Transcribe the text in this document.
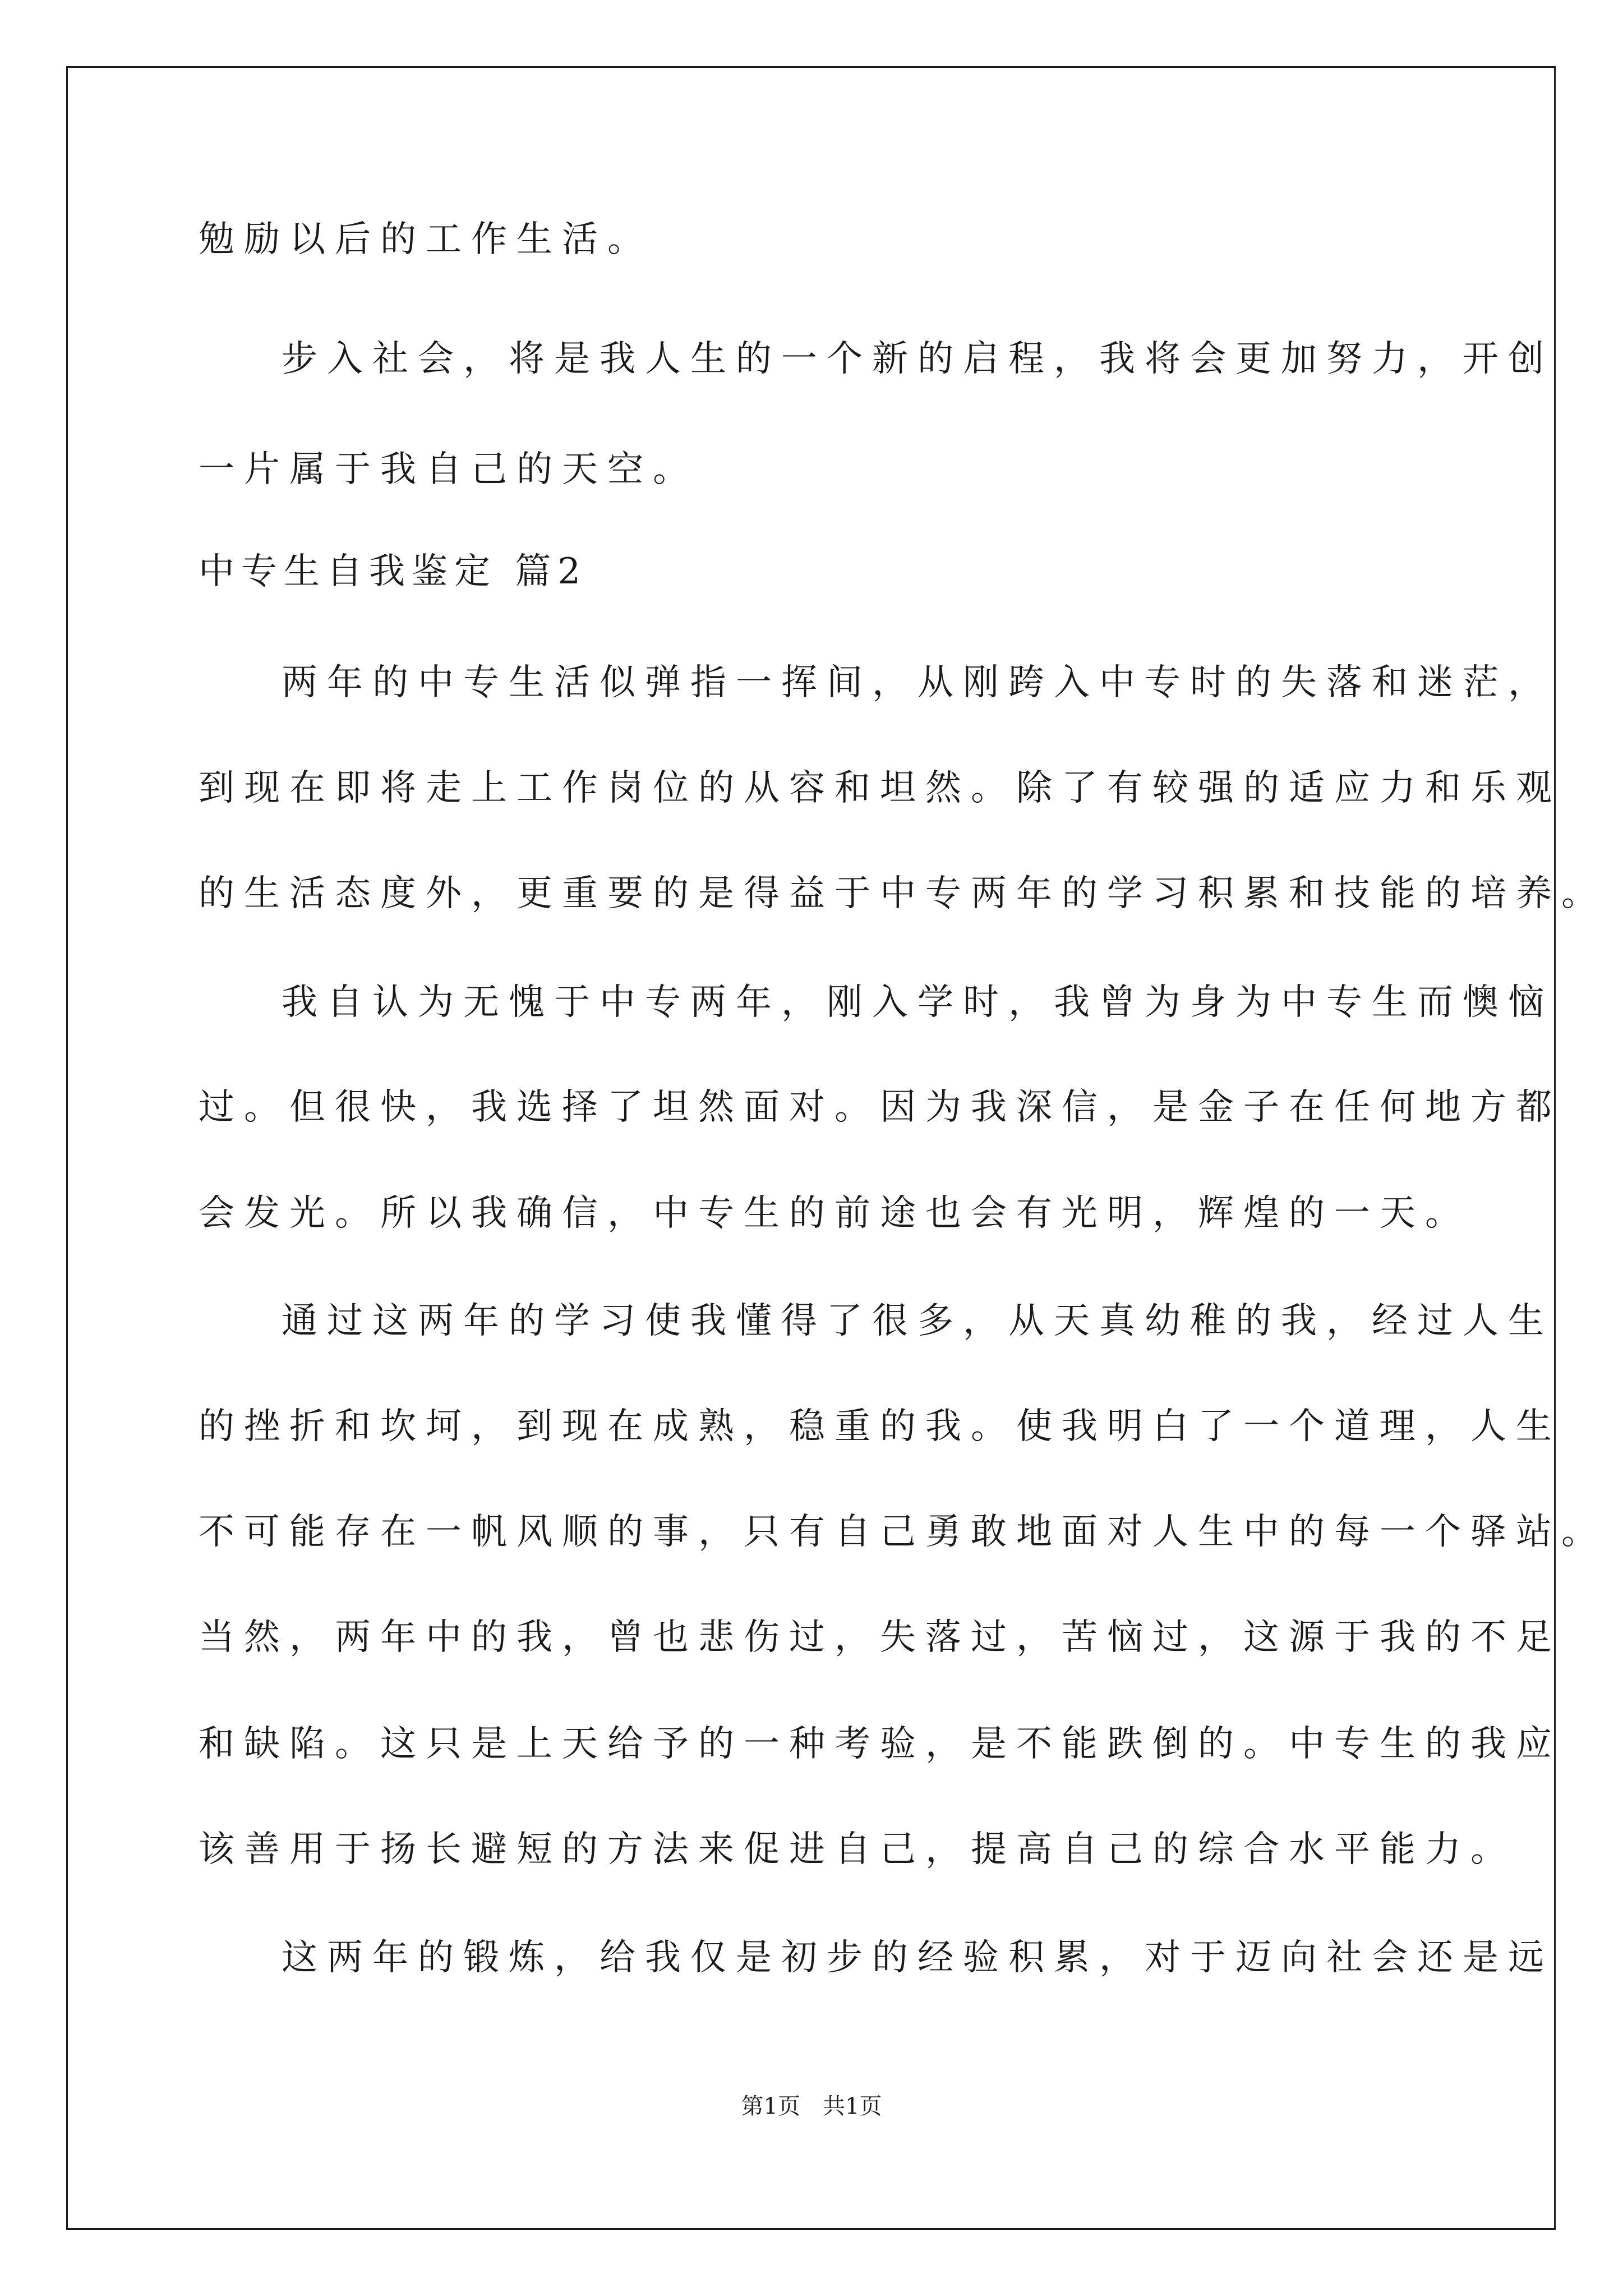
勉励以后的工作生活。
步入社会，将是我人生的一个新的启程，我将会更加努力，开创
一片属于我自己的天空。
中专生自我鉴定 篇2
两年的中专生活似弹指一挥间，从刚跨入中专时的失落和迷茫，
到现在即将走上工作岗位的从容和坦然。除了有较强的适应力和乐观
的生活态度外，更重要的是得益于中专两年的学习积累和技能的培养。
我自认为无愧于中专两年，刚入学时，我曾为身为中专生而懊恼
过。但很快，我选择了坦然面对。因为我深信，是金子在任何地方都
会发光。所以我确信，中专生的前途也会有光明，辉煌的一天。
通过这两年的学习使我懂得了很多，从天真幼稚的我，经过人生
的挫折和坎坷，到现在成熟，稳重的我。使我明白了一个道理，人生
不可能存在一帆风顺的事，只有自己勇敢地面对人生中的每一个驿站。
当然，两年中的我，曾也悲伤过，失落过，苦恼过，这源于我的不足
和缺陷。这只是上天给予的一种考验，是不能跌倒的。中专生的我应
该善用于扬长避短的方法来促进自己，提高自己的综合水平能力。
这两年的锻炼，给我仅是初步的经验积累，对于迈向社会还是远
第1页　共1页
